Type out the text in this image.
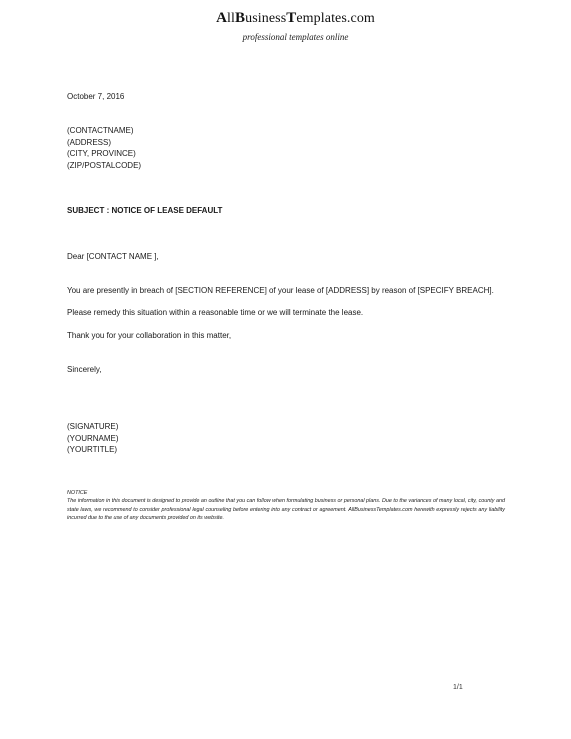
AllBusinessTemplates.com
professional templates online
October 7, 2016
(CONTACTNAME)
(ADDRESS)
(CITY, PROVINCE)
(ZIP/POSTALCODE)
SUBJECT : NOTICE OF LEASE DEFAULT
Dear [CONTACT NAME ],
You are presently in breach of [SECTION REFERENCE] of your lease of [ADDRESS] by reason of [SPECIFY BREACH].
Please remedy this situation within a reasonable time or we will terminate the lease.
Thank you for your collaboration in this matter,
Sincerely,
(SIGNATURE)
(YOURNAME)
(YOURTITLE)
NOTICE
The information in this document is designed to provide an outline that you can follow when formulating business or personal plans. Due to the variances of many local, city, county and state laws, we recommend to consider professional legal counseling before entering into any contract or agreement. AllBusinessTemplates.com herewith expressly rejects any liability incurred due to the use of any documents provided on its website.
1/1
